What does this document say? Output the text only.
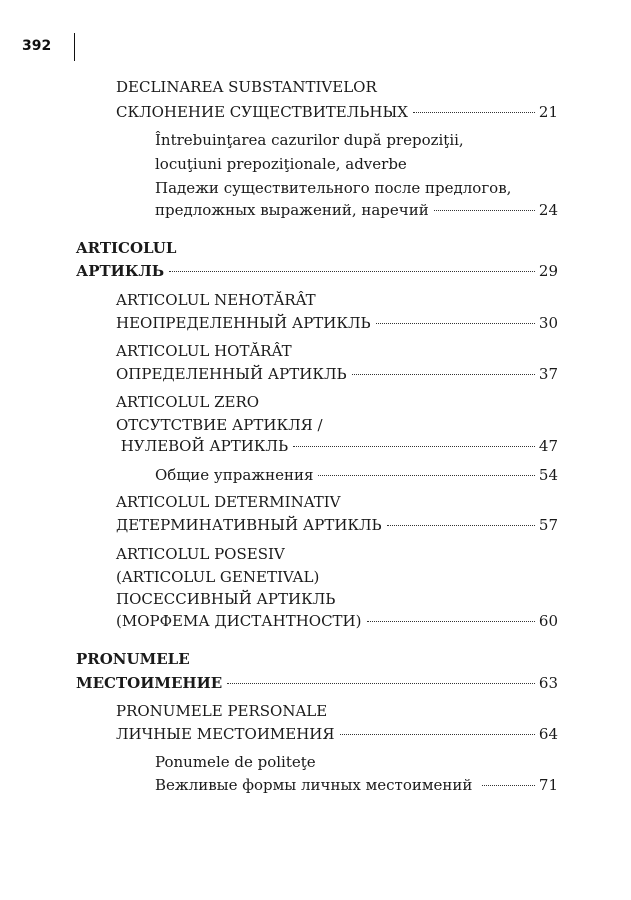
392
DECLINAREA SUBSTANTIVELOR
СКЛОНЕНИЕ СУЩЕСТВИТЕЛЬНЫХ	21
Întrebuinţarea cazurilor după prepoziţii,
locuţiuni prepoziţionale, adverbe
Падежи существительного после предлогов,
предложных выражений, наречий	24
ARTICOLUL
АРТИКЛЬ	29
ARTICOLUL NEHOTĂRÂT
НЕОПРЕДЕЛЕННЫЙ АРТИКЛЬ	30
ARTICOLUL HOTĂRÂT
ОПРЕДЕЛЕННЫЙ АРТИКЛЬ	37
ARTICOLUL ZERO
ОТСУТСТВИЕ АРТИКЛЯ /
НУЛЕВОЙ АРТИКЛЬ	47
Общие упражнения	54
ARTICOLUL DETERMINATIV
ДЕТЕРМИНАТИВНЫЙ АРТИКЛЬ	57
ARTICOLUL POSESIV
(ARTICOLUL GENETIVAL)
ПОСЕССИВНЫЙ АРТИКЛЬ
(МОРФЕМА ДИСТАНТНОСТИ)	60
PRONUMELE
МЕСТОИМЕНИЕ	63
PRONUMELE PERSONALE
ЛИЧНЫЕ МЕСТОИМЕНИЯ	64
Ponumele de politeţe
Вежливые формы личных местоимений	71
